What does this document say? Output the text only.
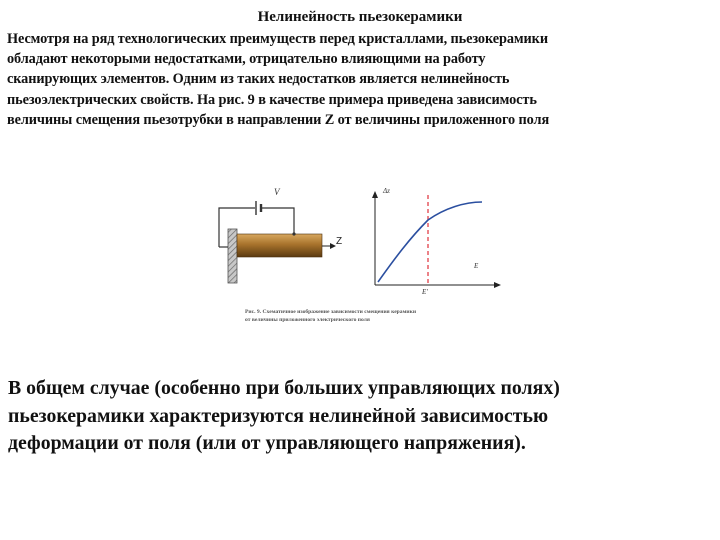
Нелинейность пьезокерамики

Несмотря на ряд технологических преимуществ перед кристаллами, пьезокерамики
обладают некоторыми недостатками, отрицательно влияющими на работу
сканирующих элементов. Одним из таких недостатков является нелинейность
пьезоэлектрических свойств. На рис. 9 в качестве примера приведена зависимость
величины смещения пьезотрубки в направлении Z от величины приложенного поля

V
Z
Δz
E
E'

Рис. 9. Схематичное изображение зависимости смещения керамики
от величины приложенного электрического поля

В общем случае (особенно при больших управляющих полях)
пьезокерамики характеризуются нелинейной зависимостью
деформации от поля (или от управляющего напряжения).
